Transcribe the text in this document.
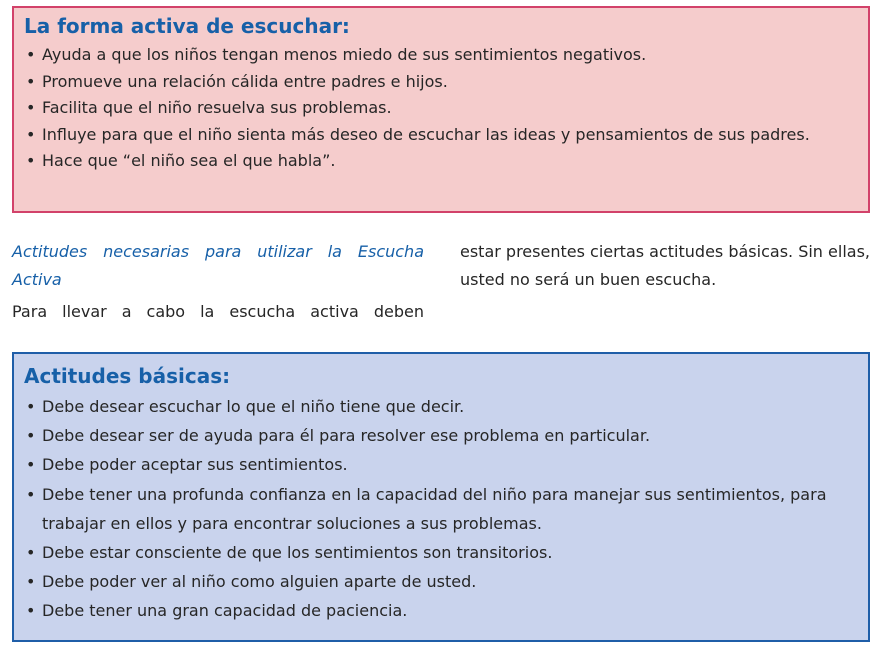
La forma activa de escuchar:
• Ayuda a que los niños tengan menos miedo de sus sentimientos negativos.
• Promueve una relación cálida entre padres e hijos.
• Facilita que el niño resuelva sus problemas.
• Influye para que el niño sienta más deseo de escuchar las ideas y pensamientos de sus padres.
• Hace que “el niño sea el que habla”.

Actitudes necesarias para utilizar la Escucha Activa

Para llevar a cabo la escucha activa deben

estar presentes ciertas actitudes básicas. Sin ellas, usted no será un buen escucha.

Actitudes básicas:
• Debe desear escuchar lo que el niño tiene que decir.
• Debe desear ser de ayuda para él para resolver ese problema en particular.
• Debe poder aceptar sus sentimientos.
• Debe tener una profunda confianza en la capacidad del niño para manejar sus sentimientos, para trabajar en ellos y para encontrar soluciones a sus problemas.
• Debe estar consciente de que los sentimientos son transitorios.
• Debe poder ver al niño como alguien aparte de usted.
• Debe tener una gran capacidad de paciencia.
